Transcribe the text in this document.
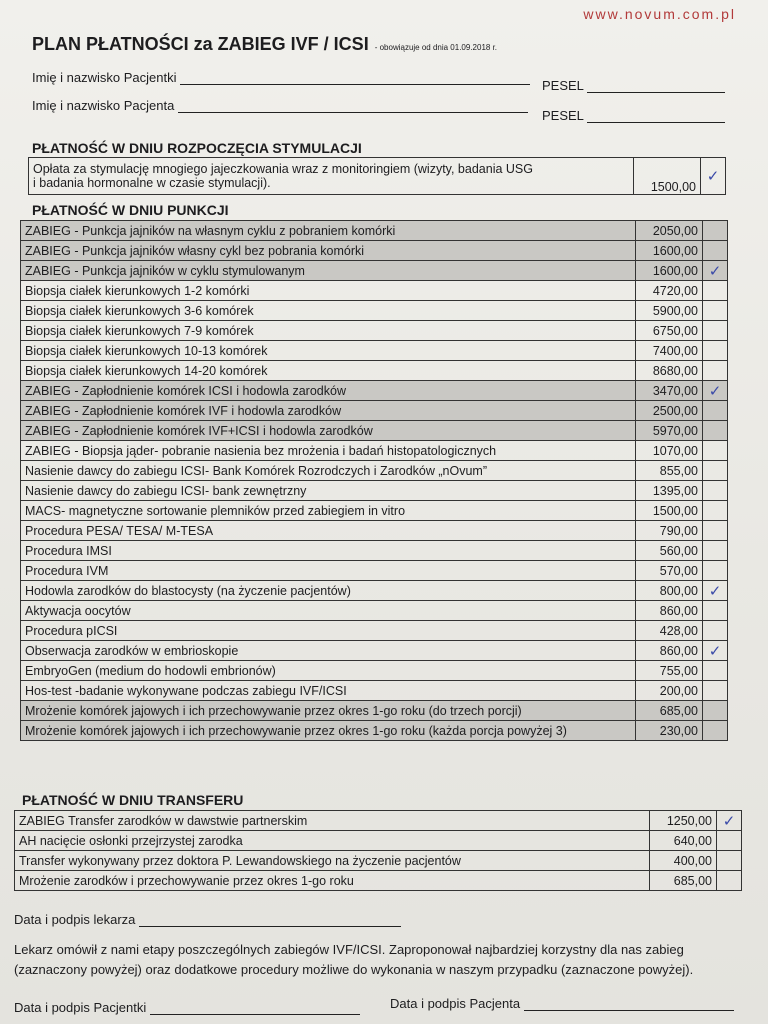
www.novum.com.pl
PLAN PŁATNOŚCI za ZABIEG IVF / ICSI - obowiązuje od dnia 01.09.2018 r.
Imię i nazwisko Pacjentki
PESEL
Imię i nazwisko Pacjenta
PESEL
PŁATNOŚĆ W DNIU ROZPOCZĘCIA STYMULACJI
Opłata za stymulację mnogiego jajeczkowania wraz z monitoringiem (wizyty, badania USG
i badania hormonalne w czasie stymulacji).	1500,00	✓
PŁATNOŚĆ W DNIU PUNKCJI
ZABIEG - Punkcja jajników na własnym cyklu z pobraniem komórki	2050,00	
ZABIEG - Punkcja jajników własny cykl bez pobrania komórki	1600,00	
ZABIEG - Punkcja jajników w cyklu stymulowanym	1600,00	✓
Biopsja ciałek kierunkowych 1-2 komórki	4720,00	
Biopsja ciałek kierunkowych 3-6 komórek	5900,00	
Biopsja ciałek kierunkowych 7-9 komórek	6750,00	
Biopsja ciałek kierunkowych 10-13 komórek	7400,00	
Biopsja ciałek kierunkowych 14-20 komórek	8680,00	
ZABIEG - Zapłodnienie komórek ICSI i hodowla zarodków	3470,00	✓
ZABIEG - Zapłodnienie komórek IVF i hodowla zarodków	2500,00	
ZABIEG - Zapłodnienie komórek IVF+ICSI i hodowla zarodków	5970,00	
ZABIEG - Biopsja jąder- pobranie nasienia bez mrożenia i badań histopatologicznych	1070,00	
Nasienie dawcy do zabiegu ICSI- Bank Komórek Rozrodczych i Zarodków „nOvum”	855,00	
Nasienie dawcy do zabiegu ICSI- bank zewnętrzny	1395,00	
MACS- magnetyczne sortowanie plemników przed zabiegiem in vitro	1500,00	
Procedura PESA/ TESA/ M-TESA	790,00	
Procedura IMSI	560,00	
Procedura IVM	570,00	
Hodowla zarodków do blastocysty (na życzenie pacjentów)	800,00	✓
Aktywacja oocytów	860,00	
Procedura pICSI	428,00	
Obserwacja zarodków w embrioskopie	860,00	✓
EmbryoGen (medium do hodowli embrionów)	755,00	
Hos-test -badanie wykonywane podczas zabiegu IVF/ICSI	200,00	
Mrożenie komórek jajowych i ich przechowywanie przez okres 1-go roku (do trzech porcji)	685,00	
Mrożenie komórek jajowych i ich przechowywanie przez okres 1-go roku (każda porcja powyżej 3)	230,00	
PŁATNOŚĆ W DNIU TRANSFERU
ZABIEG Transfer zarodków w dawstwie partnerskim	1250,00	✓
AH nacięcie osłonki przejrzystej zarodka	640,00	
Transfer wykonywany przez doktora P. Lewandowskiego na życzenie pacjentów	400,00	
Mrożenie zarodków i przechowywanie przez okres 1-go roku	685,00	
Data i podpis lekarza
Lekarz omówił z nami etapy poszczególnych zabiegów IVF/ICSI. Zaproponował najbardziej korzystny dla nas zabieg (zaznaczony powyżej) oraz dodatkowe procedury możliwe do wykonania w naszym przypadku (zaznaczone powyżej).
Data i podpis Pacjentki	Data i podpis Pacjenta
